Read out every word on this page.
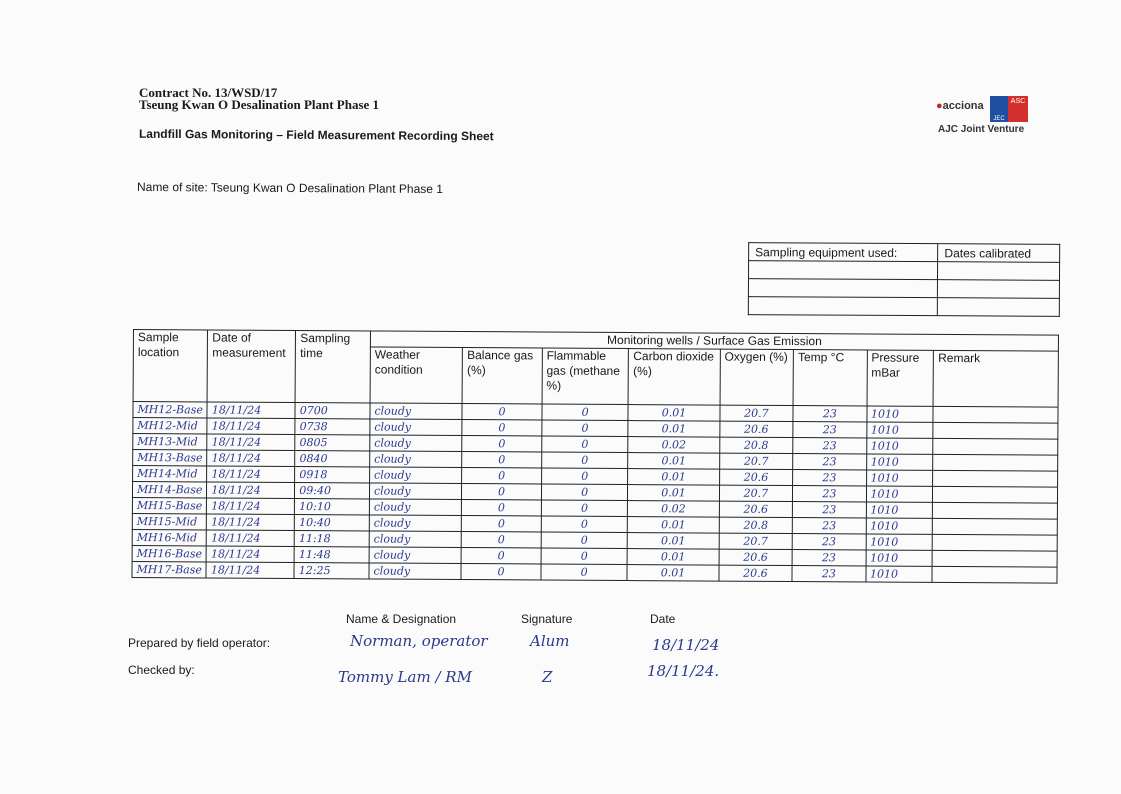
Contract No. 13/WSD/17
Tseung Kwan O Desalination Plant Phase 1
Landfill Gas Monitoring – Field Measurement Recording Sheet
Name of site: Tseung Kwan O Desalination Plant Phase 1
●acciona
JEC
ASC
AJC Joint Venture
Sampling equipment used:	Dates calibrated

Sample location	Date of measurement	Sampling time	Monitoring wells / Surface Gas Emission							
			Weather condition	Balance gas (%)	Flammable gas (methane %)	Carbon dioxide (%)	Oxygen (%)	Temp °C	Pressure mBar	Remark
MH12-Base	18/11/24	0700	cloudy	0	0	0.01	20.7	23	1010	
MH12-Mid	18/11/24	0738	cloudy	0	0	0.01	20.6	23	1010	
MH13-Mid	18/11/24	0805	cloudy	0	0	0.02	20.8	23	1010	
MH13-Base	18/11/24	0840	cloudy	0	0	0.01	20.7	23	1010	
MH14-Mid	18/11/24	0918	cloudy	0	0	0.01	20.6	23	1010	
MH14-Base	18/11/24	09:40	cloudy	0	0	0.01	20.7	23	1010	
MH15-Base	18/11/24	10:10	cloudy	0	0	0.02	20.6	23	1010	
MH15-Mid	18/11/24	10:40	cloudy	0	0	0.01	20.8	23	1010	
MH16-Mid	18/11/24	11:18	cloudy	0	0	0.01	20.7	23	1010	
MH16-Base	18/11/24	11:48	cloudy	0	0	0.01	20.6	23	1010	
MH17-Base	18/11/24	12:25	cloudy	0	0	0.01	20.6	23	1010	
Name & Designation	Signature	Date
Prepared by field operator:
Checked by:
Norman, operator	Alum	18/11/24
Tommy Lam / RM	Z	18/11/24.
